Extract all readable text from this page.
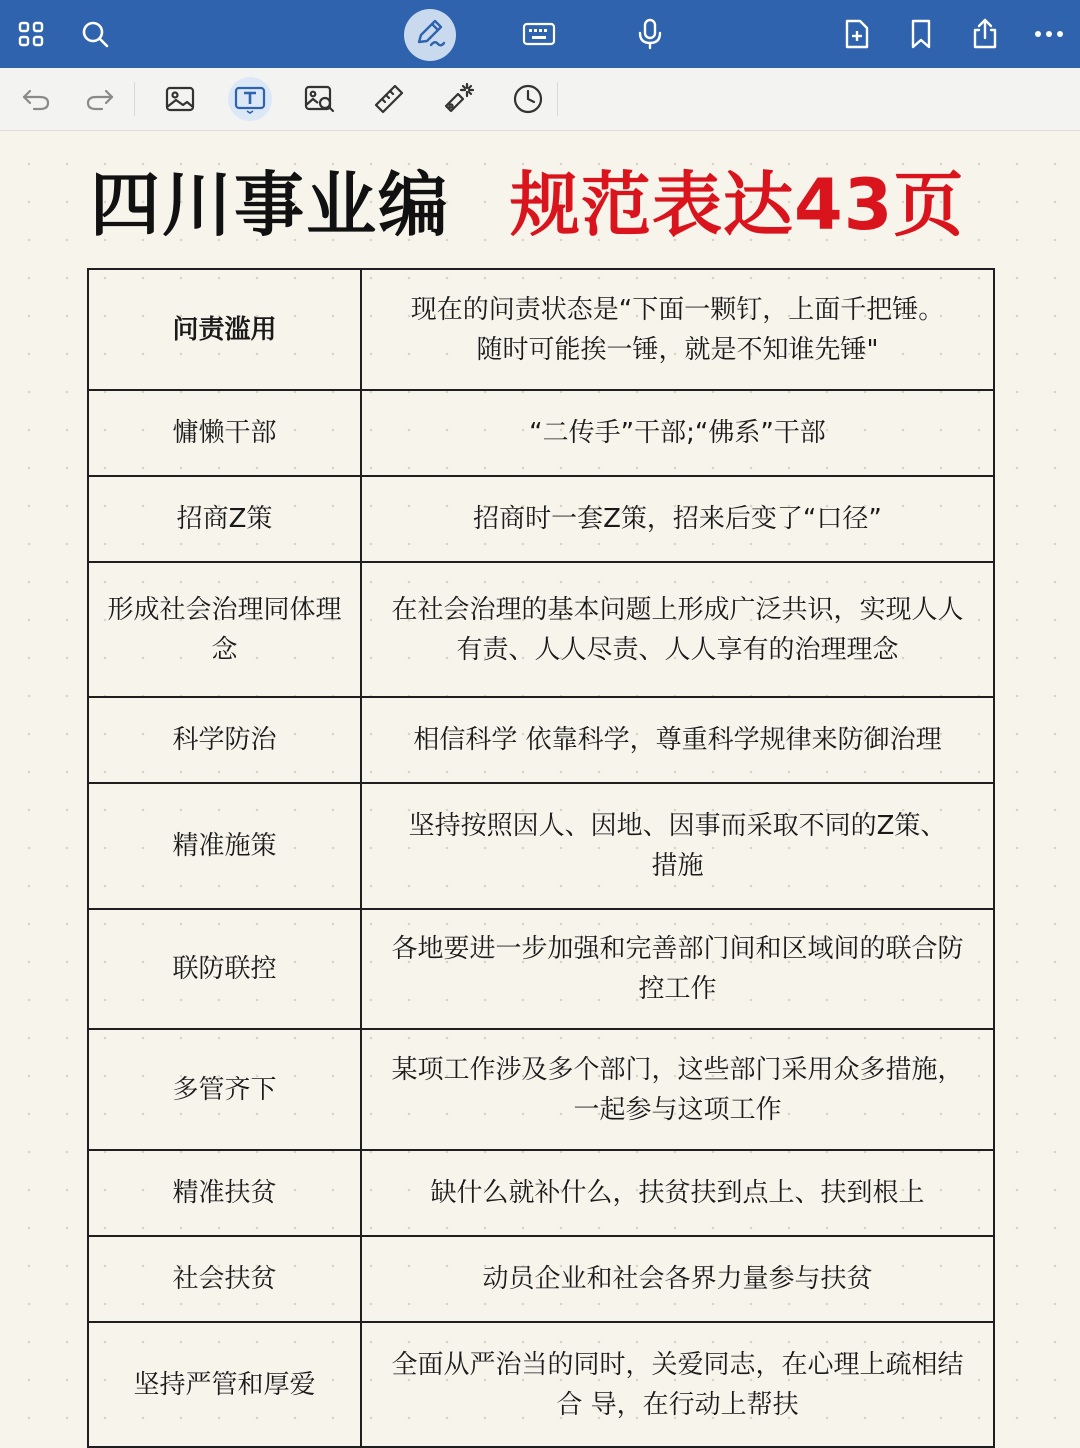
四川事业编 规范表达43页
问责滥用	现在的问责状态是“下面一颗钉，上面千把锤。随时可能挨一锤，就是不知谁先锤"
慵懒干部	“二传手”干部;“佛系”干部
招商Z策	招商时一套Z策，招来后变了“口径”
形成社会治理同体理念	在社会治理的基本问题上形成广泛共识，实现人人有责、人人尽责、人人享有的治理理念
科学防治	相信科学 依靠科学，尊重科学规律来防御治理
精准施策	坚持按照因人、因地、因事而采取不同的Z策、措施
联防联控	各地要进一步加强和完善部门间和区域间的联合防控工作
多管齐下	某项工作涉及多个部门，这些部门采用众多措施，一起参与这项工作
精准扶贫	缺什么就补什么，扶贫扶到点上、扶到根上
社会扶贫	动员企业和社会各界力量参与扶贫
坚持严管和厚爱	全面从严治当的同时，关爱同志，在心理上疏相结合 导，在行动上帮扶
